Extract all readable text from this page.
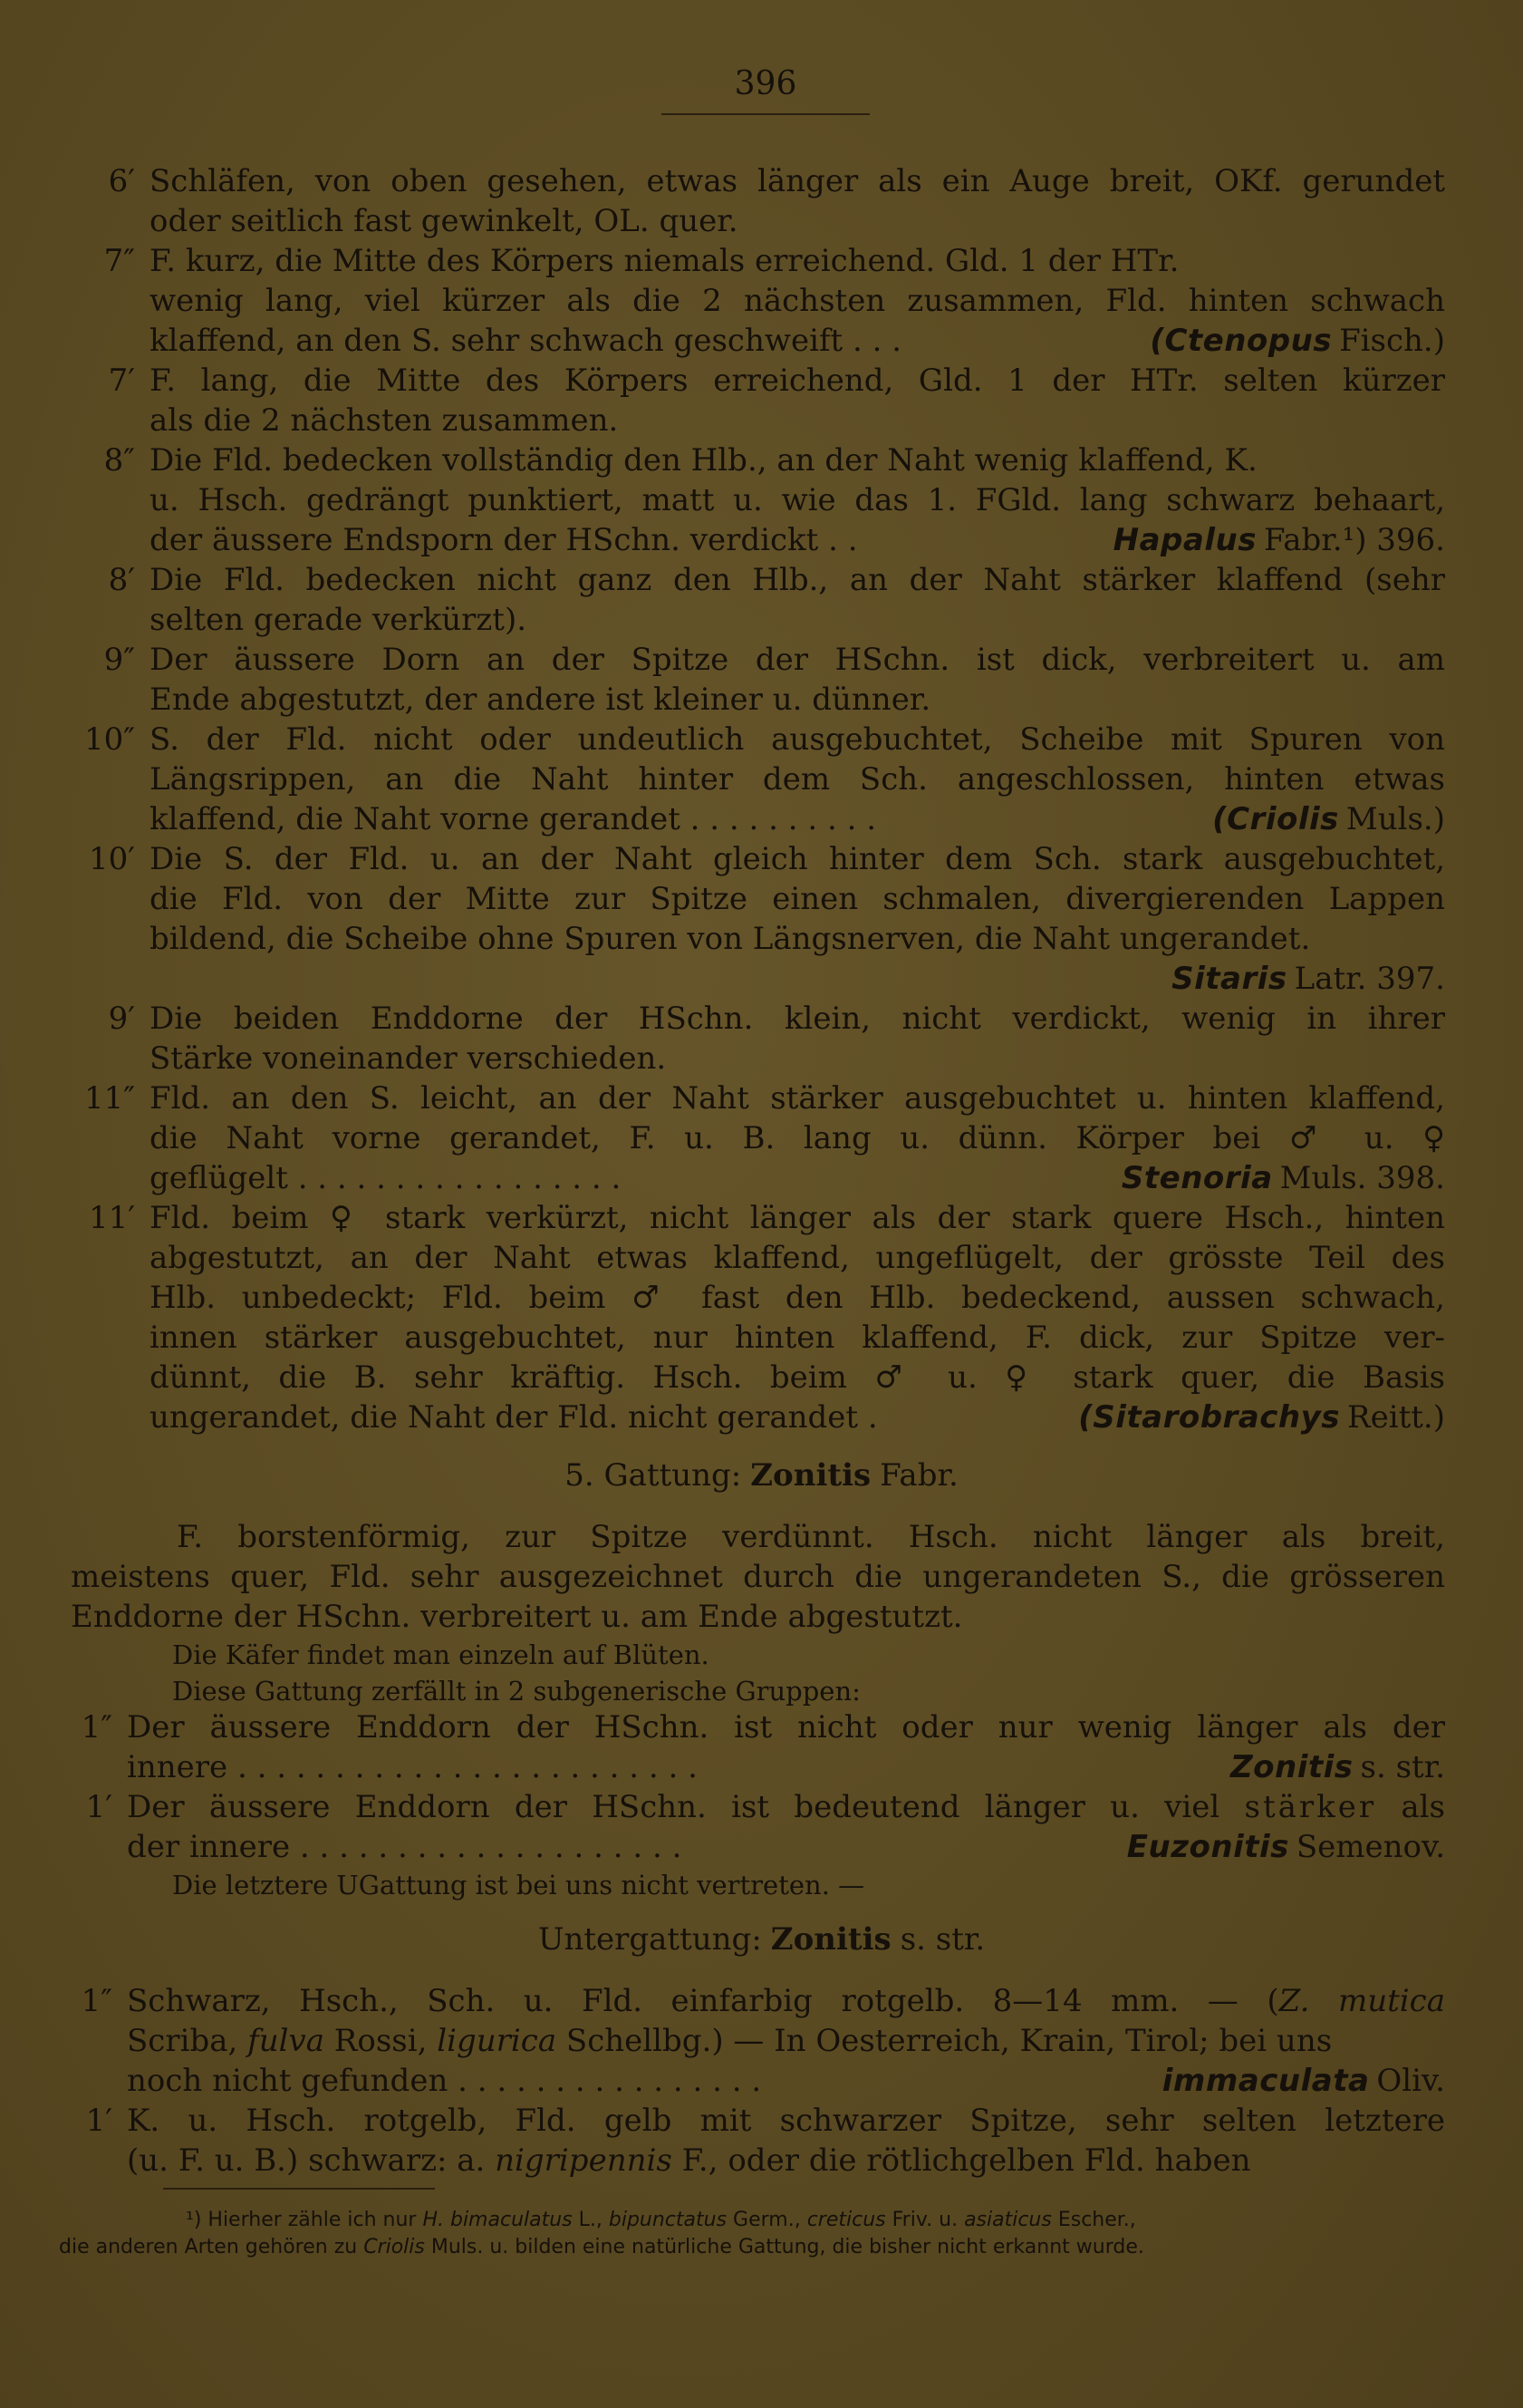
396
6′ Schläfen, von oben gesehen, etwas länger als ein Auge breit, OKf. gerundet
oder seitlich fast gewinkelt, OL. quer.
7″ F. kurz, die Mitte des Körpers niemals erreichend. Gld. 1 der HTr.
wenig lang, viel kürzer als die 2 nächsten zusammen, Fld. hinten schwach
klaffend, an den S. sehr schwach geschweift . . .	(Ctenopus Fisch.)
7′ F. lang, die Mitte des Körpers erreichend, Gld. 1 der HTr. selten kürzer
als die 2 nächsten zusammen.
8″ Die Fld. bedecken vollständig den Hlb., an der Naht wenig klaffend, K.
u. Hsch. gedrängt punktiert, matt u. wie das 1. FGld. lang schwarz behaart,
der äussere Endsporn der HSchn. verdickt . .	Hapalus Fabr.¹) 396.
8′ Die Fld. bedecken nicht ganz den Hlb., an der Naht stärker klaffend (sehr
selten gerade verkürzt).
9″ Der äussere Dorn an der Spitze der HSchn. ist dick, verbreitert u. am
Ende abgestutzt, der andere ist kleiner u. dünner.
10″ S. der Fld. nicht oder undeutlich ausgebuchtet, Scheibe mit Spuren von
Längsrippen, an die Naht hinter dem Sch. angeschlossen, hinten etwas
klaffend, die Naht vorne gerandet . . . . . . . . . .	(Criolis Muls.)
10′ Die S. der Fld. u. an der Naht gleich hinter dem Sch. stark ausgebuchtet,
die Fld. von der Mitte zur Spitze einen schmalen, divergierenden Lappen
bildend, die Scheibe ohne Spuren von Längsnerven, die Naht ungerandet.
Sitaris Latr. 397.
9′ Die beiden Enddorne der HSchn. klein, nicht verdickt, wenig in ihrer
Stärke voneinander verschieden.
11″ Fld. an den S. leicht, an der Naht stärker ausgebuchtet u. hinten klaffend,
die Naht vorne gerandet, F. u. B. lang u. dünn. Körper bei ♂ u. ♀
geflügelt . . . . . . . . . . . . . . . . .	Stenoria Muls. 398.
11′ Fld. beim ♀ stark verkürzt, nicht länger als der stark quere Hsch., hinten
abgestutzt, an der Naht etwas klaffend, ungeflügelt, der grösste Teil des
Hlb. unbedeckt; Fld. beim ♂ fast den Hlb. bedeckend, aussen schwach,
innen stärker ausgebuchtet, nur hinten klaffend, F. dick, zur Spitze ver-
dünnt, die B. sehr kräftig. Hsch. beim ♂ u. ♀ stark quer, die Basis
ungerandet, die Naht der Fld. nicht gerandet .	(Sitarobrachys Reitt.)
F. borstenförmig, zur Spitze verdünnt. Hsch. nicht länger als breit,
meistens quer, Fld. sehr ausgezeichnet durch die ungerandeten S., die grösseren
Enddorne der HSchn. verbreitert u. am Ende abgestutzt.
Die Käfer findet man einzeln auf Blüten.
Diese Gattung zerfällt in 2 subgenerische Gruppen:
1″ Der äussere Enddorn der HSchn. ist nicht oder nur wenig länger als der
innere . . . . . . . . . . . . . . . . . . . . . . . .	Zonitis s. str.
1′ Der äussere Enddorn der HSchn. ist bedeutend länger u. viel stärker als
der innere . . . . . . . . . . . . . . . . . . . .	Euzonitis Semenov.
Die letztere UGattung ist bei uns nicht vertreten. —
1″ Schwarz, Hsch., Sch. u. Fld. einfarbig rotgelb. 8—14 mm. — (Z. mutica
Scriba, fulva Rossi, ligurica Schellbg.) — In Oesterreich, Krain, Tirol; bei uns
noch nicht gefunden . . . . . . . . . . . . . . . .	immaculata Oliv.
1′ K. u. Hsch. rotgelb, Fld. gelb mit schwarzer Spitze, sehr selten letztere
(u. F. u. B.) schwarz: a. nigripennis F., oder die rötlichgelben Fld. haben
¹) Hierher zähle ich nur H. bimaculatus L., bipunctatus Germ., creticus Friv. u. asiaticus Escher.,
die anderen Arten gehören zu Criolis Muls. u. bilden eine natürliche Gattung, die bisher nicht erkannt wurde.
5. Gattung: Zonitis Fabr.
Untergattung: Zonitis s. str.
